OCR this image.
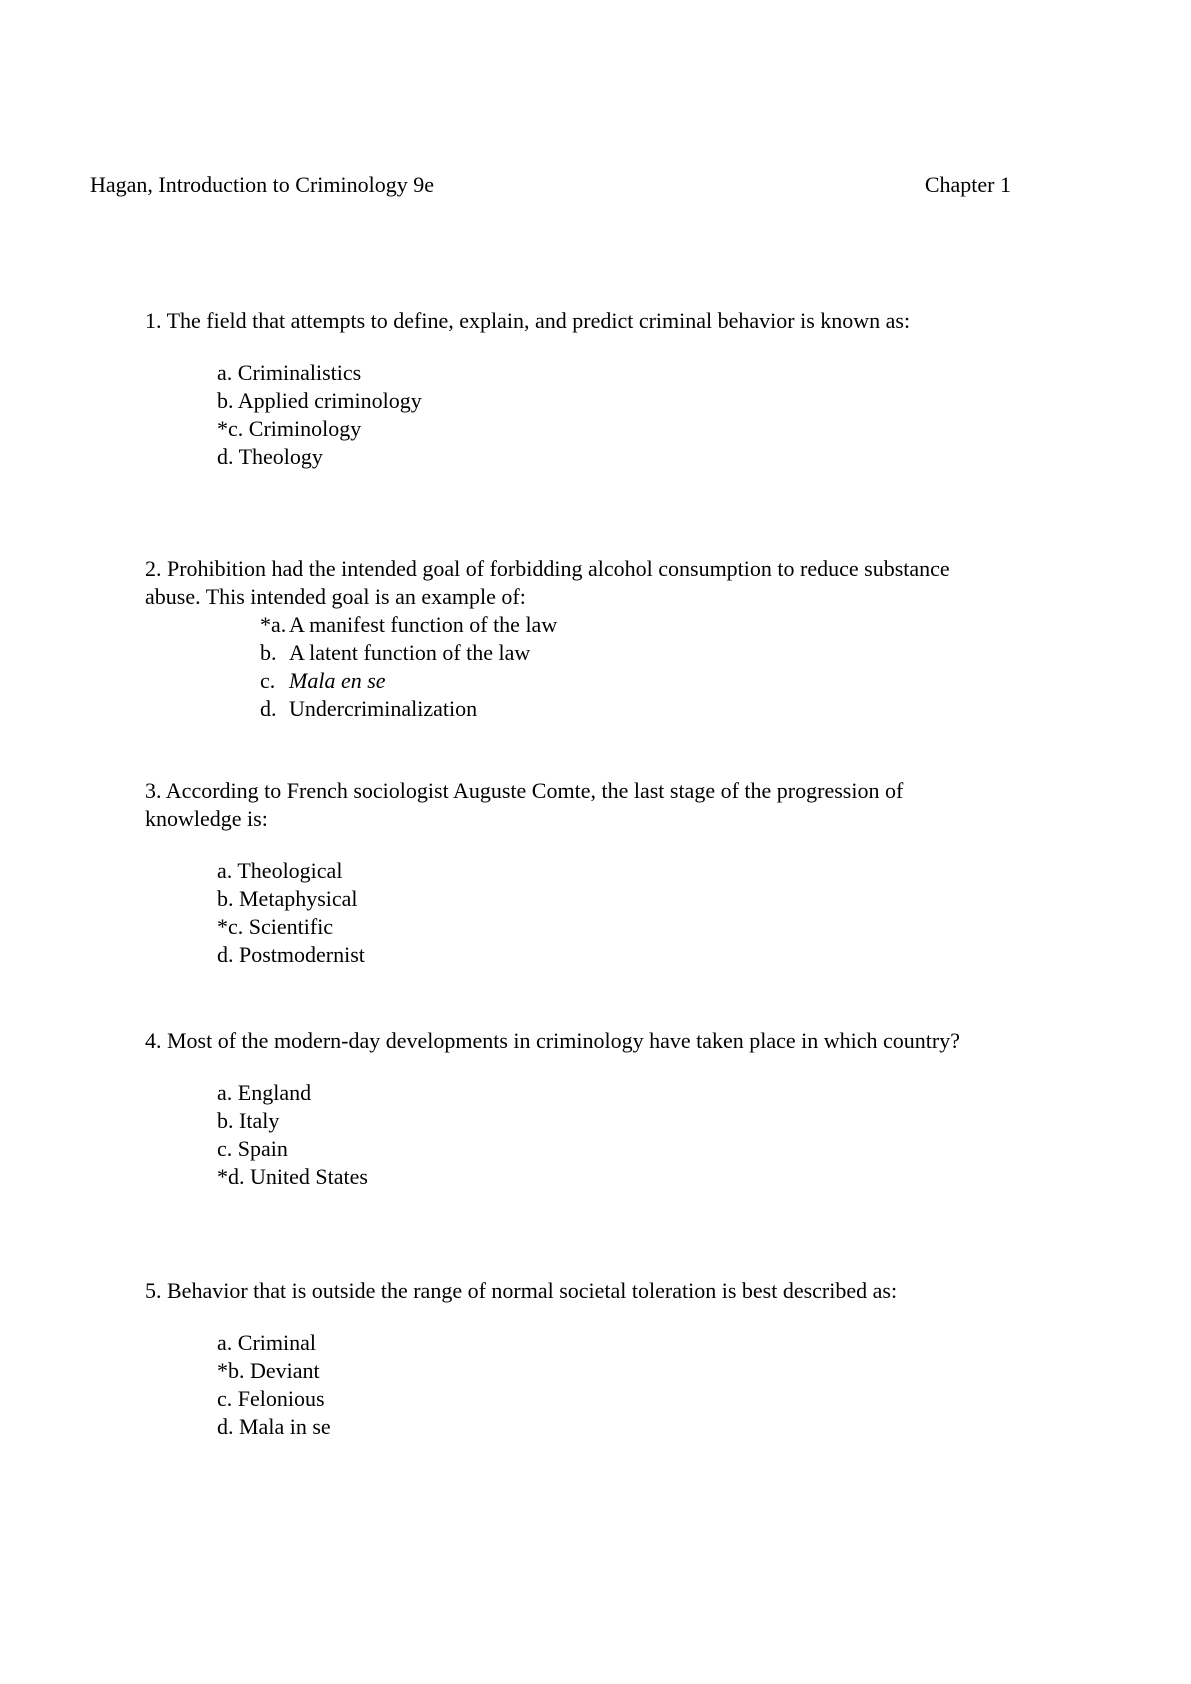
Hagan, Introduction to Criminology 9e	Chapter 1

1. The field that attempts to define, explain, and predict criminal behavior is known as:

a. Criminalistics
b. Applied criminology
*c. Criminology
d. Theology

2. Prohibition had the intended goal of forbidding alcohol consumption to reduce substance abuse. This intended goal is an example of:

*a. A manifest function of the law
b. A latent function of the law
c. Mala en se
d. Undercriminalization

3. According to French sociologist Auguste Comte, the last stage of the progression of knowledge is:

a. Theological
b. Metaphysical
*c. Scientific
d. Postmodernist

4. Most of the modern-day developments in criminology have taken place in which country?

a. England
b. Italy
c. Spain
*d. United States

5. Behavior that is outside the range of normal societal toleration is best described as:

a. Criminal
*b. Deviant
c. Felonious
d. Mala in se
